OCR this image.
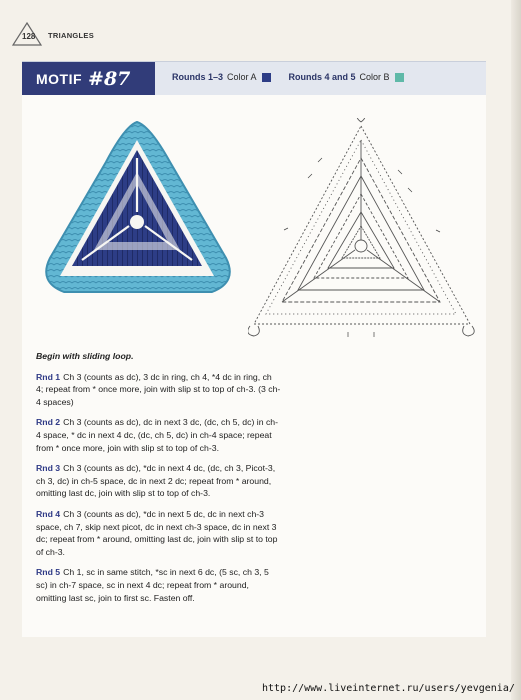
128 TRIANGLES
MOTIF #87	Rounds 1–3 Color A	Rounds 4 and 5 Color B
Begin with sliding loop.
Rnd 1 Ch 3 (counts as dc), 3 dc in ring, ch 4, *4 dc in ring, ch 4; repeat from * once more, join with slip st to top of ch-3. (3 ch-4 spaces)
Rnd 2 Ch 3 (counts as dc), dc in next 3 dc, (dc, ch 5, dc) in ch-4 space, * dc in next 4 dc, (dc, ch 5, dc) in ch-4 space; repeat from * once more, join with slip st to top of ch-3.
Rnd 3 Ch 3 (counts as dc), *dc in next 4 dc, (dc, ch 3, Picot-3, ch 3, dc) in ch-5 space, dc in next 2 dc; repeat from * around, omitting last dc, join with slip st to top of ch-3.
Rnd 4 Ch 3 (counts as dc), *dc in next 5 dc, dc in next ch-3 space, ch 7, skip next picot, dc in next ch-3 space, dc in next 3 dc; repeat from * around, omitting last dc, join with slip st to top of ch-3.
Rnd 5 Ch 1, sc in same stitch, *sc in next 6 dc, (5 sc, ch 3, 5 sc) in ch-7 space, sc in next 4 dc; repeat from * around, omitting last sc, join to first sc. Fasten off.
http://www.liveinternet.ru/users/yevgenia/
